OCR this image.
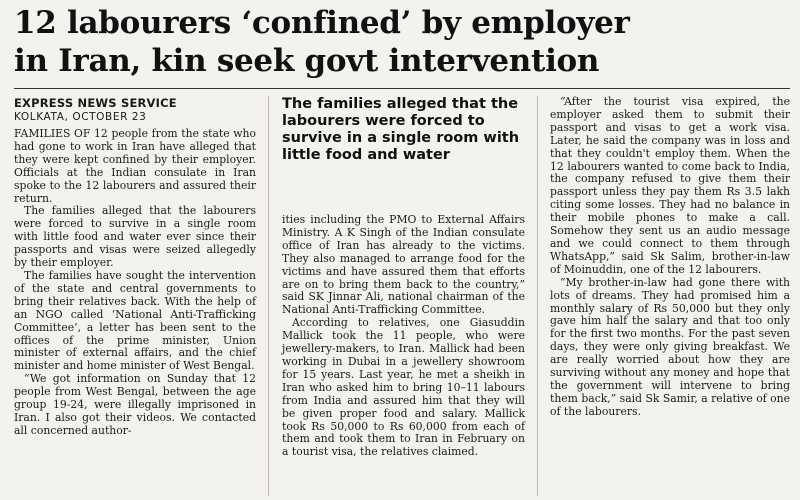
12 labourers ‘confined’ by employer
in Iran, kin seek govt intervention
EXPRESS NEWS SERVICE
KOLKATA, OCTOBER 23

FAMILIES OF 12 people from the state who had gone to work in Iran have alleged that they were kept confined by their employer. Officials at the Indian consulate in Iran spoke to the 12 labourers and assured their return.

The families alleged that the labourers were forced to survive in a single room with little food and water ever since their passports and visas were seized allegedly by their employer.

The families have sought the intervention of the state and central governments to bring their relatives back. With the help of an NGO called ‘National Anti-Trafficking Committee’, a letter has been sent to the offices of the prime minister, Union minister of external affairs, and the chief minister and home minister of West Bengal.

“We got information on Sunday that 12 people from West Bengal, between the age group 19-24, were illegally imprisoned in Iran. I also got their videos. We contacted all concerned author-

The families alleged that the labourers were forced to survive in a single room with little food and water

ities including the PMO to External Affairs Ministry. A K Singh of the Indian consulate office of Iran has already to the victims. They also managed to arrange food for the victims and have assured them that efforts are on to bring them back to the country,” said SK Jinnar Ali, national chairman of the National Anti-Trafficking Committee.

According to relatives, one Giasuddin Mallick took the 11 people, who were jewellery-makers, to Iran. Mallick had been working in Dubai in a jewellery showroom for 15 years. Last year, he met a sheikh in Iran who asked him to bring 10–11 labours from India and assured him that they will be given proper food and salary. Mallick took Rs 50,000 to Rs 60,000 from each of them and took them to Iran in February on a tourist visa, the relatives claimed.

“After the tourist visa expired, the employer asked them to submit their passport and visas to get a work visa. Later, he said the company was in loss and that they couldn't employ them. When the 12 labourers wanted to come back to India, the company refused to give them their passport unless they pay them Rs 3.5 lakh citing some losses. They had no balance in their mobile phones to make a call. Somehow they sent us an audio message and we could connect to them through WhatsApp,” said Sk Salim, brother-in-law of Moinuddin, one of the 12 labourers.

“My brother-in-law had gone there with lots of dreams. They had promised him a monthly salary of Rs 50,000 but they only gave him half the salary and that too only for the first two months. For the past seven days, they were only giving breakfast. We are really worried about how they are surviving without any money and hope that the government will intervene to bring them back,” said Sk Samir, a relative of one of the labourers.
